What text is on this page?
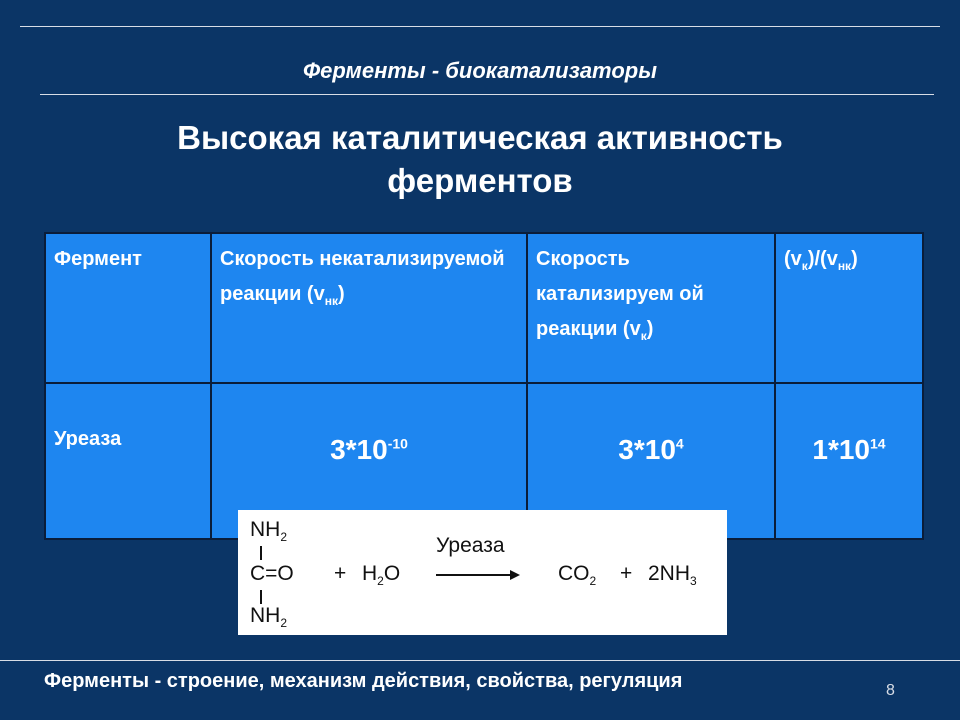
Ферменты - биокатализаторы
Высокая каталитическая активность
ферментов
Фермент	Скорость некатализируемой реакции $(v_{нк})$	Скорость катализируем ой реакции $(v_к)$	$(v_к)/(v_{нк})$
Уреаза	$3*10^{-10}$	$3*10^4$	$1*10^{14}$
$NH_2$
C=O
$NH_2$
+ $H_2O$
Уреаза
$CO_2 + 2NH_3$
Ферменты - строение, механизм действия, свойства, регуляция	8
